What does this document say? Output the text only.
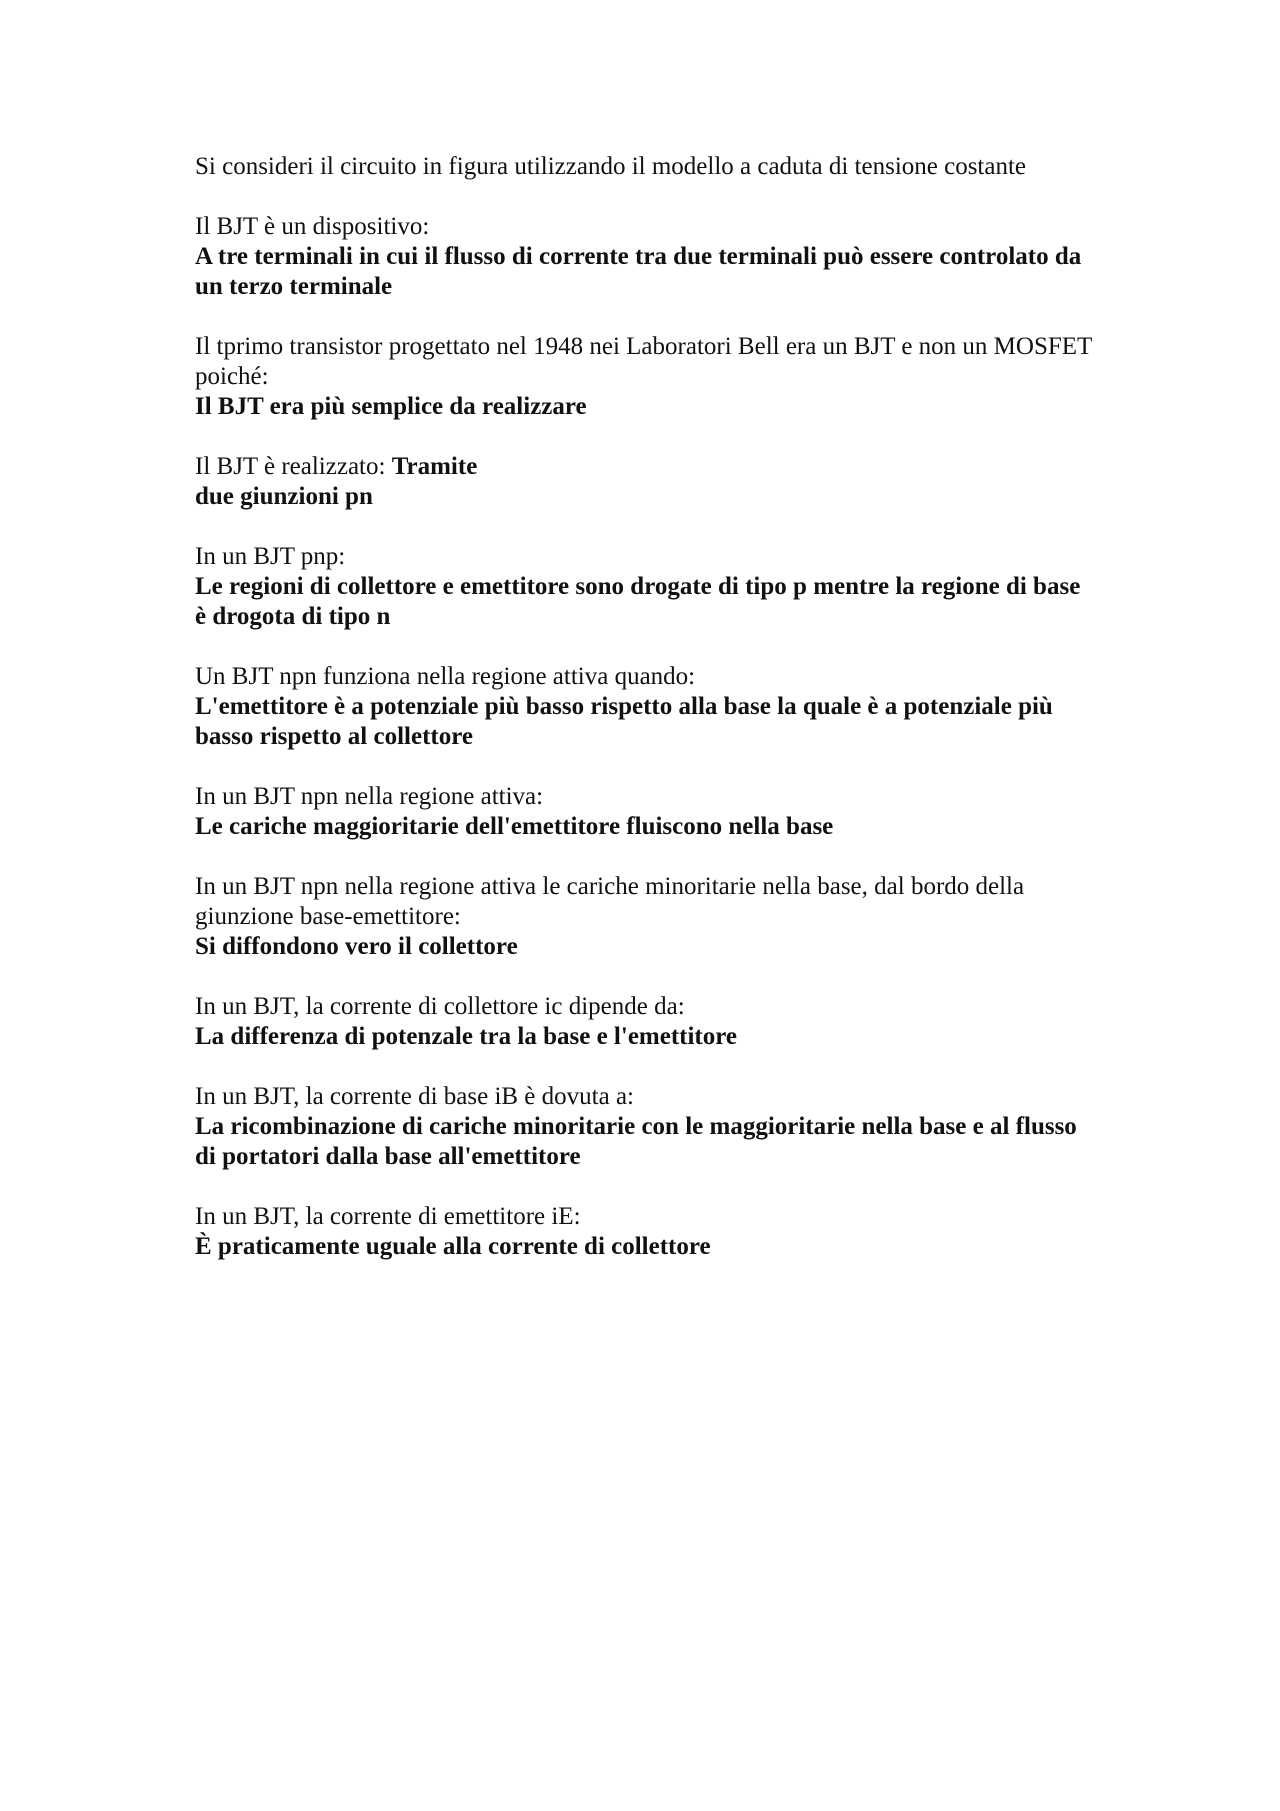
Si consideri il circuito in figura utilizzando il modello a caduta di tensione costante

Il BJT è un dispositivo:

A tre terminali in cui il flusso di corrente tra due terminali può essere controlato da un terzo terminale

Il tprimo transistor progettato nel 1948 nei Laboratori Bell era un BJT e non un MOSFET poiché:

Il BJT era più semplice da realizzare

Il BJT è realizzato: Tramite

due giunzioni pn

In un BJT pnp:

Le regioni di collettore e emettitore sono drogate di tipo p mentre la regione di base è drogota di tipo n

Un BJT npn funziona nella regione attiva quando:

L'emettitore è a potenziale più basso rispetto alla base la quale è a potenziale più basso rispetto al collettore

In un BJT npn nella regione attiva:

Le cariche maggioritarie dell'emettitore fluiscono nella base

In un BJT npn nella regione attiva le cariche minoritarie nella base, dal bordo della giunzione base-emettitore:

Si diffondono vero il collettore

In un BJT, la corrente di collettore ic dipende da:

La differenza di potenzale tra la base e l'emettitore

In un BJT, la corrente di base iB è dovuta a:

La ricombinazione di cariche minoritarie con le maggioritarie nella base e al flusso di portatori dalla base all'emettitore

In un BJT, la corrente di emettitore iE:

È praticamente uguale alla corrente di collettore
